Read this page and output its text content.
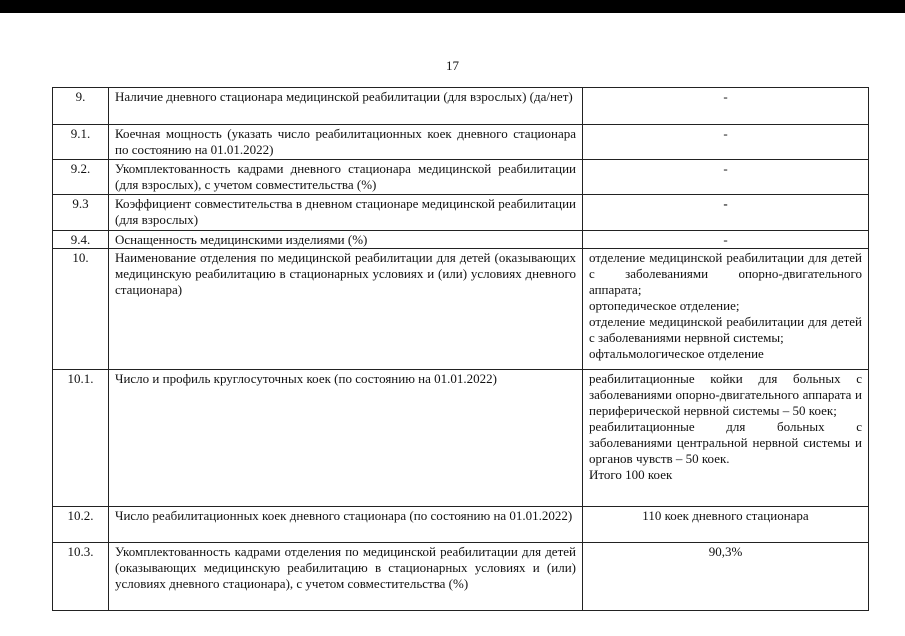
17
9.	Наличие дневного стационара медицинской реабилитации (для взрослых) (да/нет)	-
9.1.	Коечная мощность (указать число реабилитационных коек дневного стационара по состоянию на 01.01.2022)	-
9.2.	Укомплектованность кадрами дневного стационара медицинской реабилитации (для взрослых), с учетом совместительства (%)	-
9.3	Коэффициент совместительства в дневном стационаре медицинской реабилитации (для взрослых)	-
9.4.	Оснащенность медицинскими изделиями (%)	-
10.	Наименование отделения по медицинской реабилитации для детей (оказывающих медицинскую реабилитацию в стационарных условиях и (или) условиях дневного стационара)	отделение медицинской реабилитации для детей с заболеваниями опорно-двигательного аппарата;

ортопедическое отделение;

отделение медицинской реабилитации для детей с заболеваниями нервной системы;

офтальмологическое отделение

10.1.	Число и профиль круглосуточных коек (по состоянию на 01.01.2022)	реабилитационные койки для больных с заболеваниями опорно-двигательного аппарата и периферической нервной системы – 50 коек;

реабилитационные для больных с заболеваниями центральной нервной системы и органов чувств – 50 коек.

Итого 100 коек

10.2.	Число реабилитационных коек дневного стационара (по состоянию на 01.01.2022)	110 коек дневного стационара
10.3.	Укомплектованность кадрами отделения по медицинской реабилитации для детей (оказывающих медицинскую реабилитацию в стационарных условиях и (или) условиях дневного стационара), с учетом совместительства (%)	90,3%
